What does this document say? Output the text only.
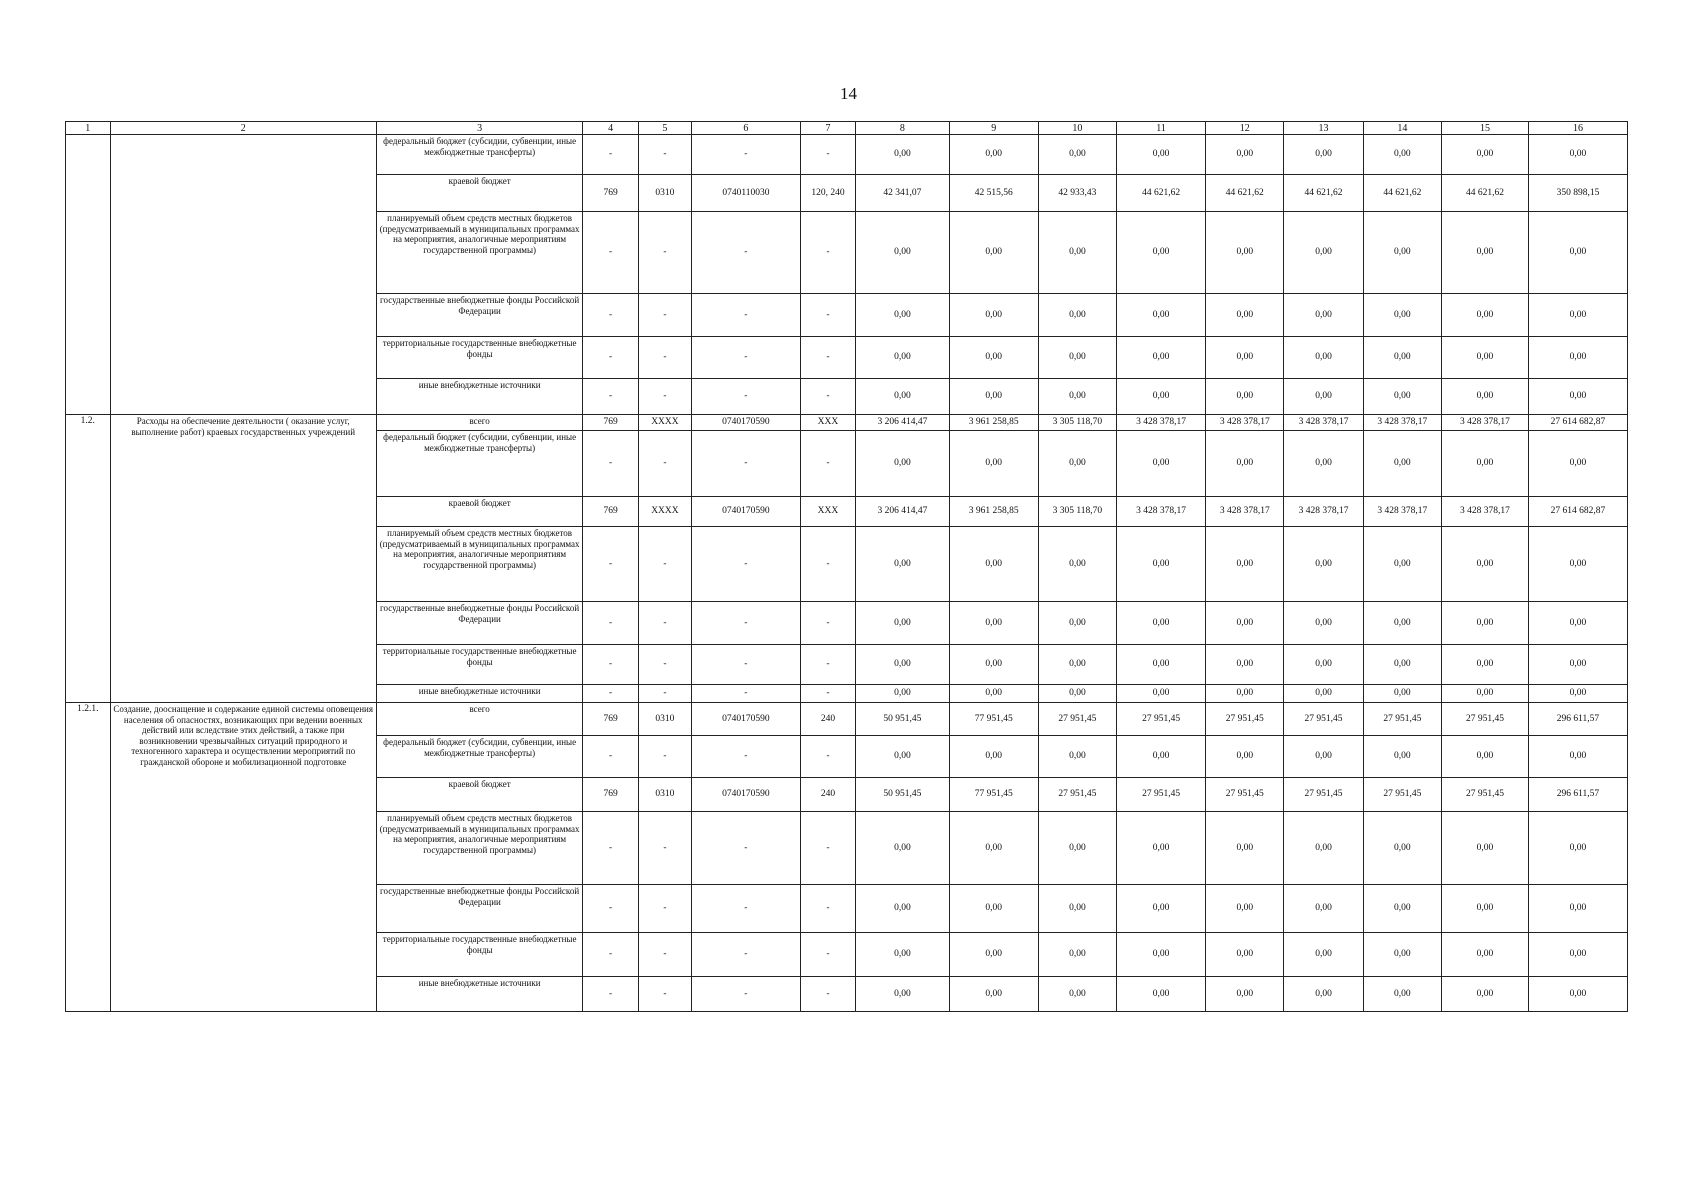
14
1	2	3	4	5	6	7	8	9	10	11	12	13	14	15	16
		федеральный бюджет (субсидии, субвенции, иные межбюджетные трансферты)	-	-	-	-	0,00	0,00	0,00	0,00	0,00	0,00	0,00	0,00	0,00
		краевой бюджет	769	0310	0740110030	120, 240	42 341,07	42 515,56	42 933,43	44 621,62	44 621,62	44 621,62	44 621,62	44 621,62	350 898,15
		планируемый объем средств местных бюджетов (предусматриваемый в муниципальных программах на мероприятия, аналогичные мероприятиям государственной программы)	-	-	-	-	0,00	0,00	0,00	0,00	0,00	0,00	0,00	0,00	0,00
		государственные внебюджетные фонды Российской Федерации	-	-	-	-	0,00	0,00	0,00	0,00	0,00	0,00	0,00	0,00	0,00
		территориальные государственные внебюджетные фонды	-	-	-	-	0,00	0,00	0,00	0,00	0,00	0,00	0,00	0,00	0,00
		иные внебюджетные источники	-	-	-	-	0,00	0,00	0,00	0,00	0,00	0,00	0,00	0,00	0,00
1.2.	Расходы на обеспечение деятельности ( оказание услуг, выполнение работ) краевых государственных учреждений	всего	769	XXXX	0740170590	XXX	3 206 414,47	3 961 258,85	3 305 118,70	3 428 378,17	3 428 378,17	3 428 378,17	3 428 378,17	3 428 378,17	27 614 682,87
		федеральный бюджет (субсидии, субвенции, иные межбюджетные трансферты)	-	-	-	-	0,00	0,00	0,00	0,00	0,00	0,00	0,00	0,00	0,00
		краевой бюджет	769	XXXX	0740170590	XXX	3 206 414,47	3 961 258,85	3 305 118,70	3 428 378,17	3 428 378,17	3 428 378,17	3 428 378,17	3 428 378,17	27 614 682,87
		планируемый объем средств местных бюджетов (предусматриваемый в муниципальных программах на мероприятия, аналогичные мероприятиям государственной программы)	-	-	-	-	0,00	0,00	0,00	0,00	0,00	0,00	0,00	0,00	0,00
		государственные внебюджетные фонды Российской Федерации	-	-	-	-	0,00	0,00	0,00	0,00	0,00	0,00	0,00	0,00	0,00
		территориальные государственные внебюджетные фонды	-	-	-	-	0,00	0,00	0,00	0,00	0,00	0,00	0,00	0,00	0,00
		иные внебюджетные источники	-	-	-	-	0,00	0,00	0,00	0,00	0,00	0,00	0,00	0,00	0,00
1.2.1.	Создание, дооснащение и содержание единой системы оповещения населения об опасностях, возникающих при ведении военных действий или вследствие этих действий, а также при возникновении чрезвычайных ситуаций природного и техногенного характера и осуществлении мероприятий по гражданской обороне и мобилизационной подготовке	всего	769	0310	0740170590	240	50 951,45	77 951,45	27 951,45	27 951,45	27 951,45	27 951,45	27 951,45	27 951,45	296 611,57
		федеральный бюджет (субсидии, субвенции, иные межбюджетные трансферты)	-	-	-	-	0,00	0,00	0,00	0,00	0,00	0,00	0,00	0,00	0,00
		краевой бюджет	769	0310	0740170590	240	50 951,45	77 951,45	27 951,45	27 951,45	27 951,45	27 951,45	27 951,45	27 951,45	296 611,57
		планируемый объем средств местных бюджетов (предусматриваемый в муниципальных программах на мероприятия, аналогичные мероприятиям государственной программы)	-	-	-	-	0,00	0,00	0,00	0,00	0,00	0,00	0,00	0,00	0,00
		государственные внебюджетные фонды Российской Федерации	-	-	-	-	0,00	0,00	0,00	0,00	0,00	0,00	0,00	0,00	0,00
		территориальные государственные внебюджетные фонды	-	-	-	-	0,00	0,00	0,00	0,00	0,00	0,00	0,00	0,00	0,00
		иные внебюджетные источники	-	-	-	-	0,00	0,00	0,00	0,00	0,00	0,00	0,00	0,00	0,00
